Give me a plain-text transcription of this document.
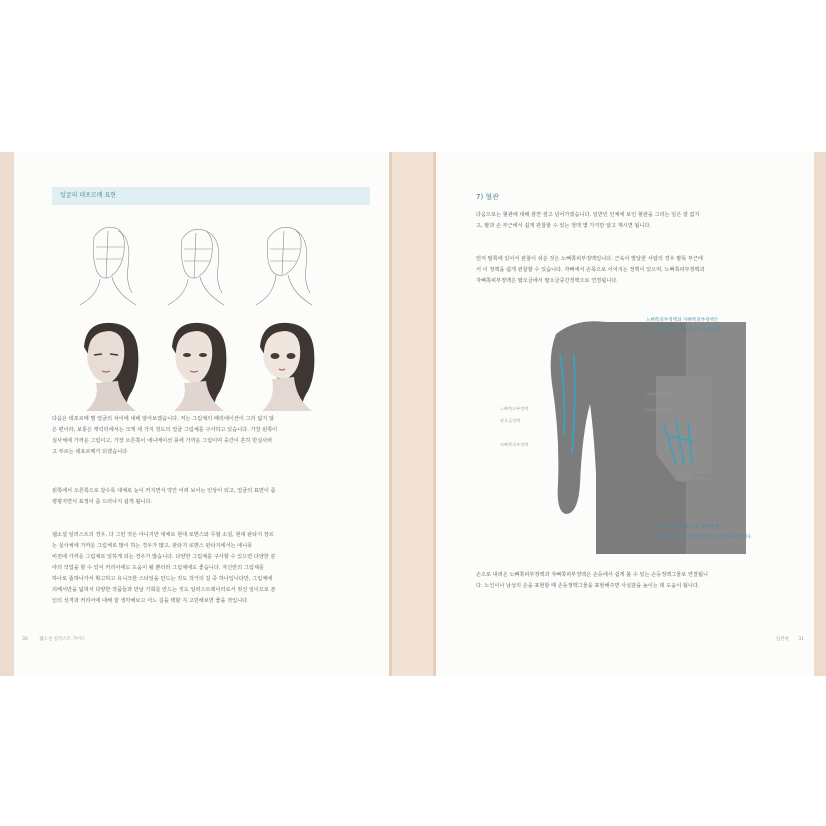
얼굴의 데포르메 표현
다음은 데포르메 별 얼굴의 차이에 대해 알아보겠습니다. 저는 그림체의 베리에이션이 그리 넓지 않
은 편이라, 보통은 캐릭터에서는 크게 세 가지 정도의 얼굴 그림체를 구사하고 있습니다. 가장 왼쪽이
실사체에 가까운 그림이고, 가장 오른쪽이 애니메이션 풍에 가까운 그림이며 중간이 흔히 반실사라
고 부르는 데포르메가 되겠습니다.
왼쪽에서 오른쪽으로 갈수록 대체로 눈이 커지면서 약간 어려 보이는 인상이 되고, 얼굴의 표면이 좀
평평지면서 표정이 좀 드러나지 쉽게 됩니다.
웹소설 일러스트의 경우, 다 그런 것은 아니지만 대체로 현대 로맨스와 무협 소설, 현대 판타지 장르
는 실사체에 가까운 그림체로 많이 하는 경우가 많고, 판타지 로맨스 판타지에서는 애니풍
비전에 가까운 그림체로 일하게 되는 경우가 많습니다. 다양한 그림체를 구사할 수 있으면 다양한 분
야의 작업을 할 수 있어 커리어에도 도움이 될 뿐더러 그림체에도 좋습니다. 자신만의 그림체를
하나로 좁혀나가서 확고하고 유니크한 스타일을 만드는 것도 작가의 길 중 하나입니다만, 그림체에
의해서만을 넓혀서 다양한 작품들과 만날 기회를 만드는 것도 일러스트레이터로서 멋진 일이므로 본
인의 성격과 커리어에 대해 잘 생각해보고 어느 길을 택할 지 고민해보면 좋을 것입니다.
30	웹소설 일러스트 가이드
7) 혈관
다음으로는 혈관에 대해 잠깐 짚고 넘어가겠습니다. 일반인 인체에 보인 혈관을 그리는 일은 잘 없지
고, 팔과 손 부근에서 쉽게 관찰할 수 있는 정맥 몇 가지만 알고 계시면 됩니다.
먼저 팔쪽에 있어서 관찰이 쉬운 것은 노뼈쪽피부정맥입니다. 근육이 발달한 사람의 경우 팔뚝 부근에
서 이 정맥을 쉽게 관찰할 수 있습니다. 자뼈에서 손목으로 이어지는 정맥이 있으며, 노뼈쪽피부정맥과
자뼈쪽피부정맥은 팔오금에서 팔오금중간정맥으로 연결됩니다.
노뼈쪽피부정맥과 자뼈쪽피부정맥은
팔오금에서 팔오금정맥으로 연결된다.
노뼈쪽피부정맥
팔오금정맥
자뼈쪽피부정맥
노뼈쪽피부정맥
자뼈쪽피부정맥
손등정맥그물
노인이나 남성의 손을 표현할 때
손등정맥그물을 그려주면 좀 더 사실적으로 보인다.
손으로 내려온 노뼈쪽피부정맥과 자뼈쪽피부정맥은 손등에서 쉽게 볼 수 있는 손등정맥그물로 연결됩니
다. 노인이나 남성의 손을 표현할 때 손등정맥그물을 표현해주면 사실감을 높이는 데 도움이 됩니다.
실전편 31
